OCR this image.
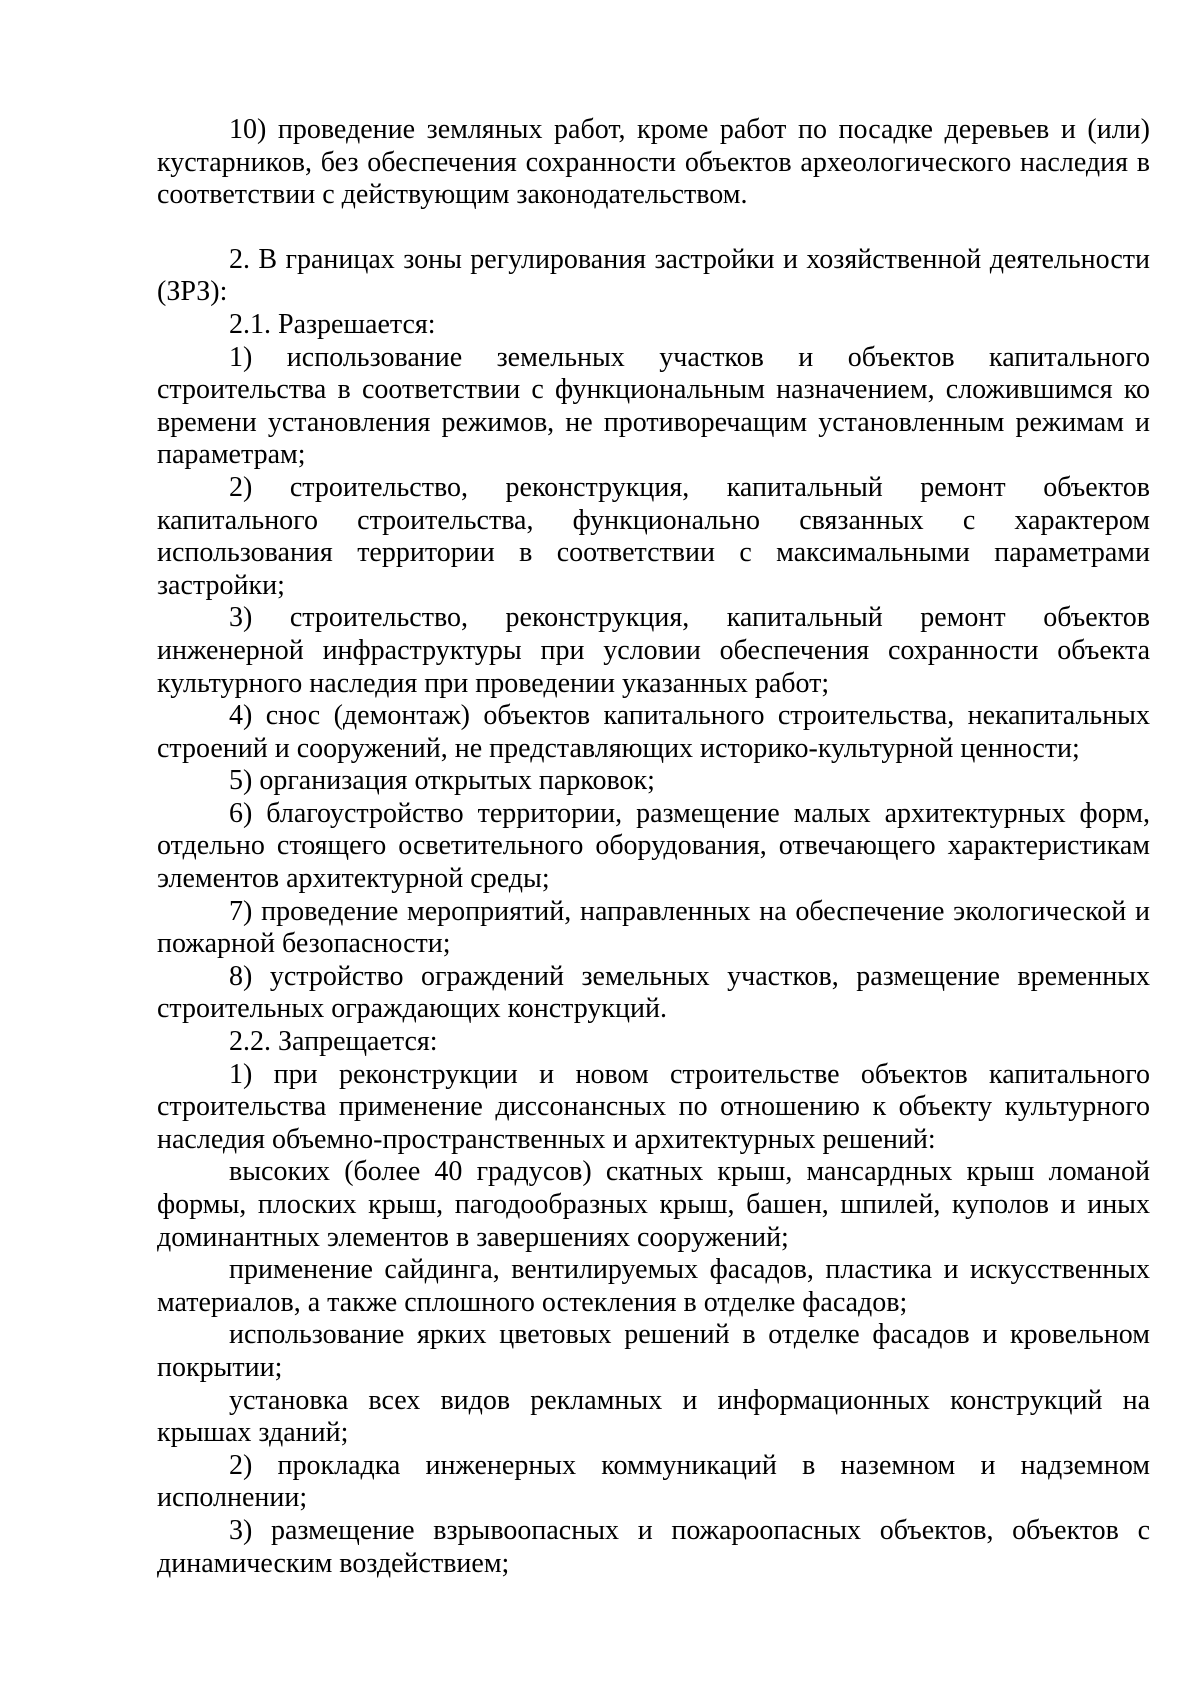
10) проведение земляных работ, кроме работ по посадке деревьев и (или) кустарников, без обеспечения сохранности объектов археологического наследия в соответствии с действующим законодательством.

2. В границах зоны регулирования застройки и хозяйственной деятельности (ЗРЗ):

2.1. Разрешается:

1) использование земельных участков и объектов капитального строительства в соответствии с функциональным назначением, сложившимся ко времени установления режимов, не противоречащим установленным режимам и параметрам;

2) строительство, реконструкция, капитальный ремонт объектов капитального строительства, функционально связанных с характером использования территории в соответствии с максимальными параметрами застройки;

3) строительство, реконструкция, капитальный ремонт объектов инженерной инфраструктуры при условии обеспечения сохранности объекта культурного наследия при проведении указанных работ;

4) снос (демонтаж) объектов капитального строительства, некапитальных строений и сооружений, не представляющих историко-культурной ценности;

5) организация открытых парковок;

6) благоустройство территории, размещение малых архитектурных форм, отдельно стоящего осветительного оборудования, отвечающего характеристикам элементов архитектурной среды;

7) проведение мероприятий, направленных на обеспечение экологической и пожарной безопасности;

8) устройство ограждений земельных участков, размещение временных строительных ограждающих конструкций.

2.2. Запрещается:

1) при реконструкции и новом строительстве объектов капитального строительства применение диссонансных по отношению к объекту культурного наследия объемно-пространственных и архитектурных решений:

высоких (более 40 градусов) скатных крыш, мансардных крыш ломаной формы, плоских крыш, пагодообразных крыш, башен, шпилей, куполов и иных доминантных элементов в завершениях сооружений;

применение сайдинга, вентилируемых фасадов, пластика и искусственных материалов, а также сплошного остекления в отделке фасадов;

использование ярких цветовых решений в отделке фасадов и кровельном покрытии;

установка всех видов рекламных и информационных конструкций на крышах зданий;

2) прокладка инженерных коммуникаций в наземном и надземном исполнении;

3) размещение взрывоопасных и пожароопасных объектов, объектов с динамическим воздействием;
